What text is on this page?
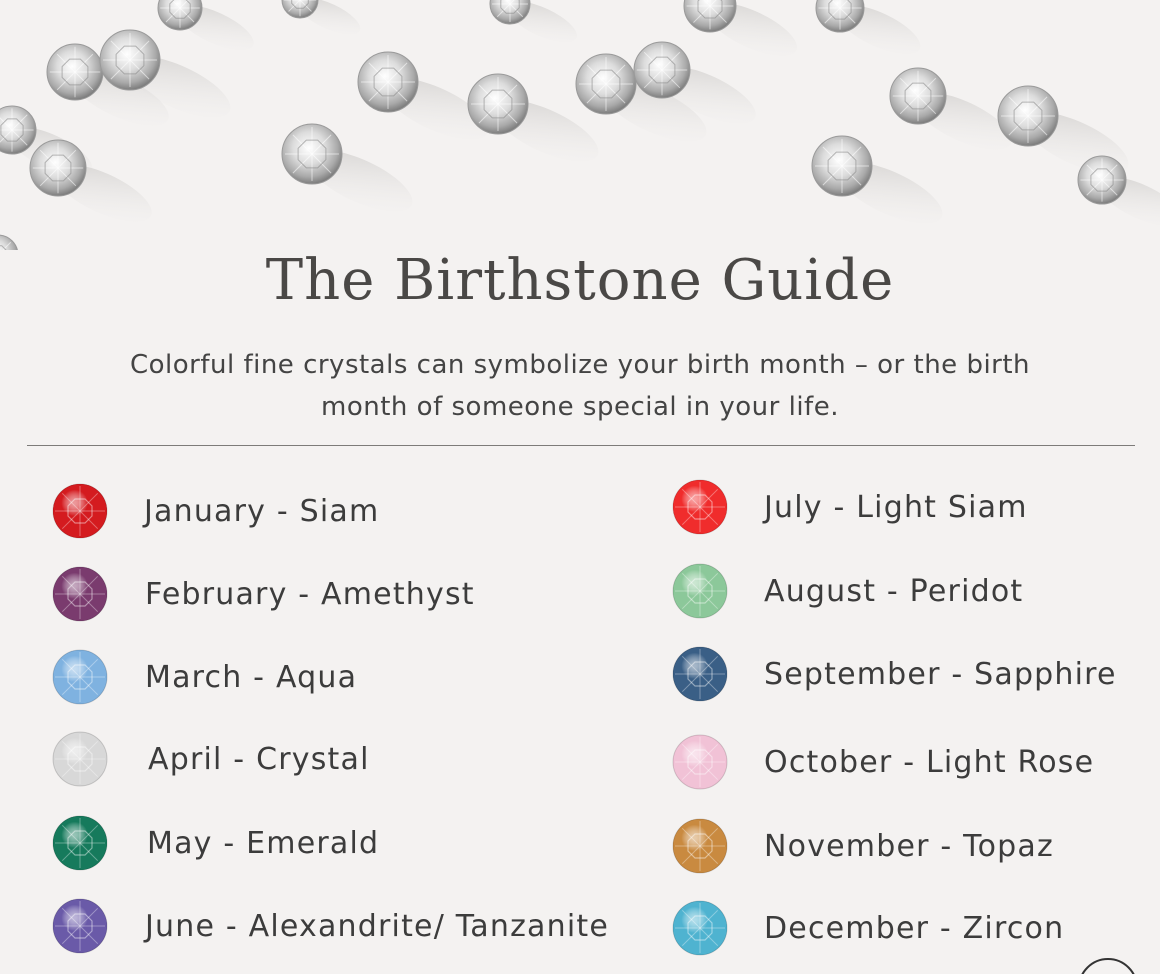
The Birthstone Guide

Colorful fine crystals can symbolize your birth month – or the birth month of someone special in your life.

January - Siam
February - Amethyst
March - Aqua
April - Crystal
May - Emerald
June - Alexandrite/ Tanzanite
July - Light Siam
August - Peridot
September - Sapphire
October - Light Rose
November - Topaz
December - Zircon
